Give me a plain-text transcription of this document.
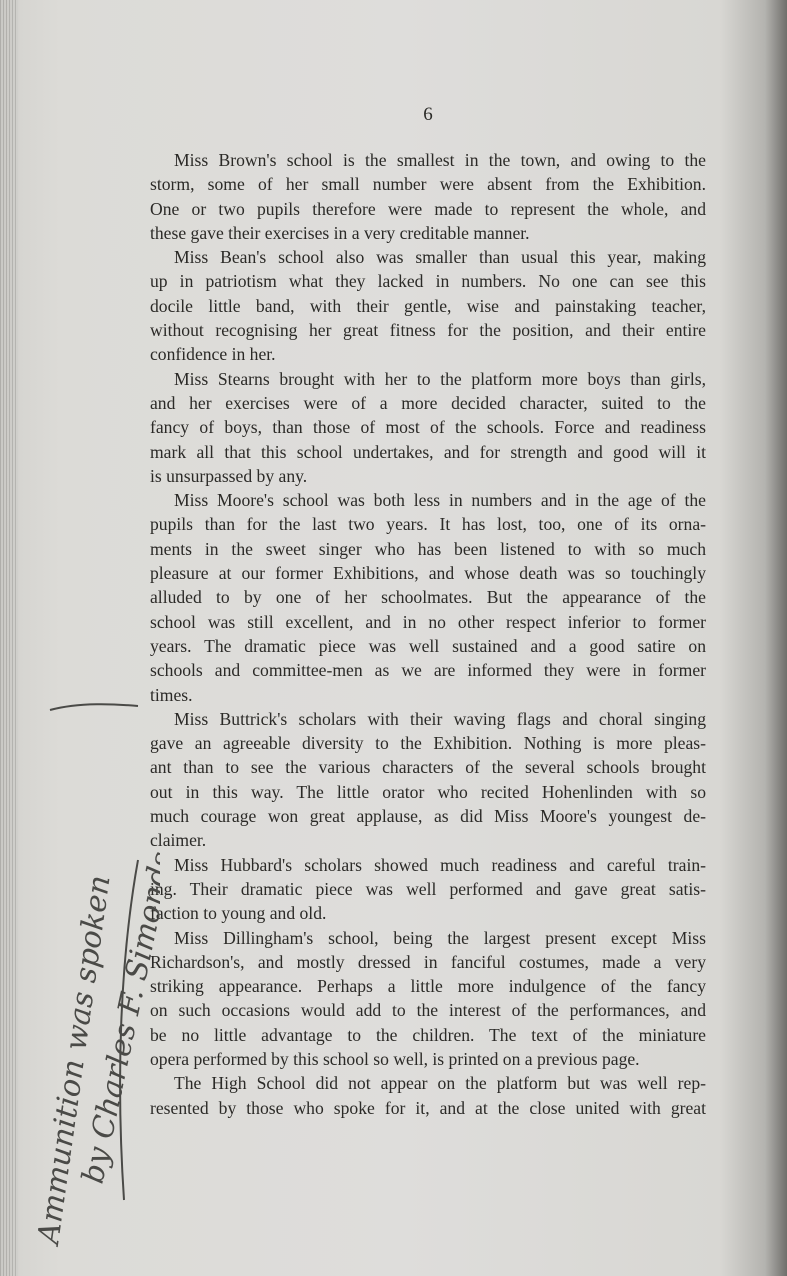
6
Miss Brown's school is the smallest in the town, and owing to the
storm, some of her small number were absent from the Exhibition.
One or two pupils therefore were made to represent the whole, and
these gave their exercises in a very creditable manner.
Miss Bean's school also was smaller than usual this year, making
up in patriotism what they lacked in numbers. No one can see this
docile little band, with their gentle, wise and painstaking teacher,
without recognising her great fitness for the position, and their entire
confidence in her.
Miss Stearns brought with her to the platform more boys than girls,
and her exercises were of a more decided character, suited to the
fancy of boys, than those of most of the schools. Force and readiness
mark all that this school undertakes, and for strength and good will it
is unsurpassed by any.
Miss Moore's school was both less in numbers and in the age of the
pupils than for the last two years. It has lost, too, one of its orna-
ments in the sweet singer who has been listened to with so much
pleasure at our former Exhibitions, and whose death was so touchingly
alluded to by one of her schoolmates. But the appearance of the
school was still excellent, and in no other respect inferior to former
years. The dramatic piece was well sustained and a good satire on
schools and committee-men as we are informed they were in former
times.
Miss Buttrick's scholars with their waving flags and choral singing
gave an agreeable diversity to the Exhibition. Nothing is more pleas-
ant than to see the various characters of the several schools brought
out in this way. The little orator who recited Hohenlinden with so
much courage won great applause, as did Miss Moore's youngest de-
claimer.
Miss Hubbard's scholars showed much readiness and careful train-
ing. Their dramatic piece was well performed and gave great satis-
faction to young and old.
Miss Dillingham's school, being the largest present except Miss
Richardson's, and mostly dressed in fanciful costumes, made a very
striking appearance. Perhaps a little more indulgence of the fancy
on such occasions would add to the interest of the performances, and
be no little advantage to the children. The text of the miniature
opera performed by this school so well, is printed on a previous page.
The High School did not appear on the platform but was well rep-
resented by those who spoke for it, and at the close united with great
Ammunition was spoken
by Charles F. Simonds
